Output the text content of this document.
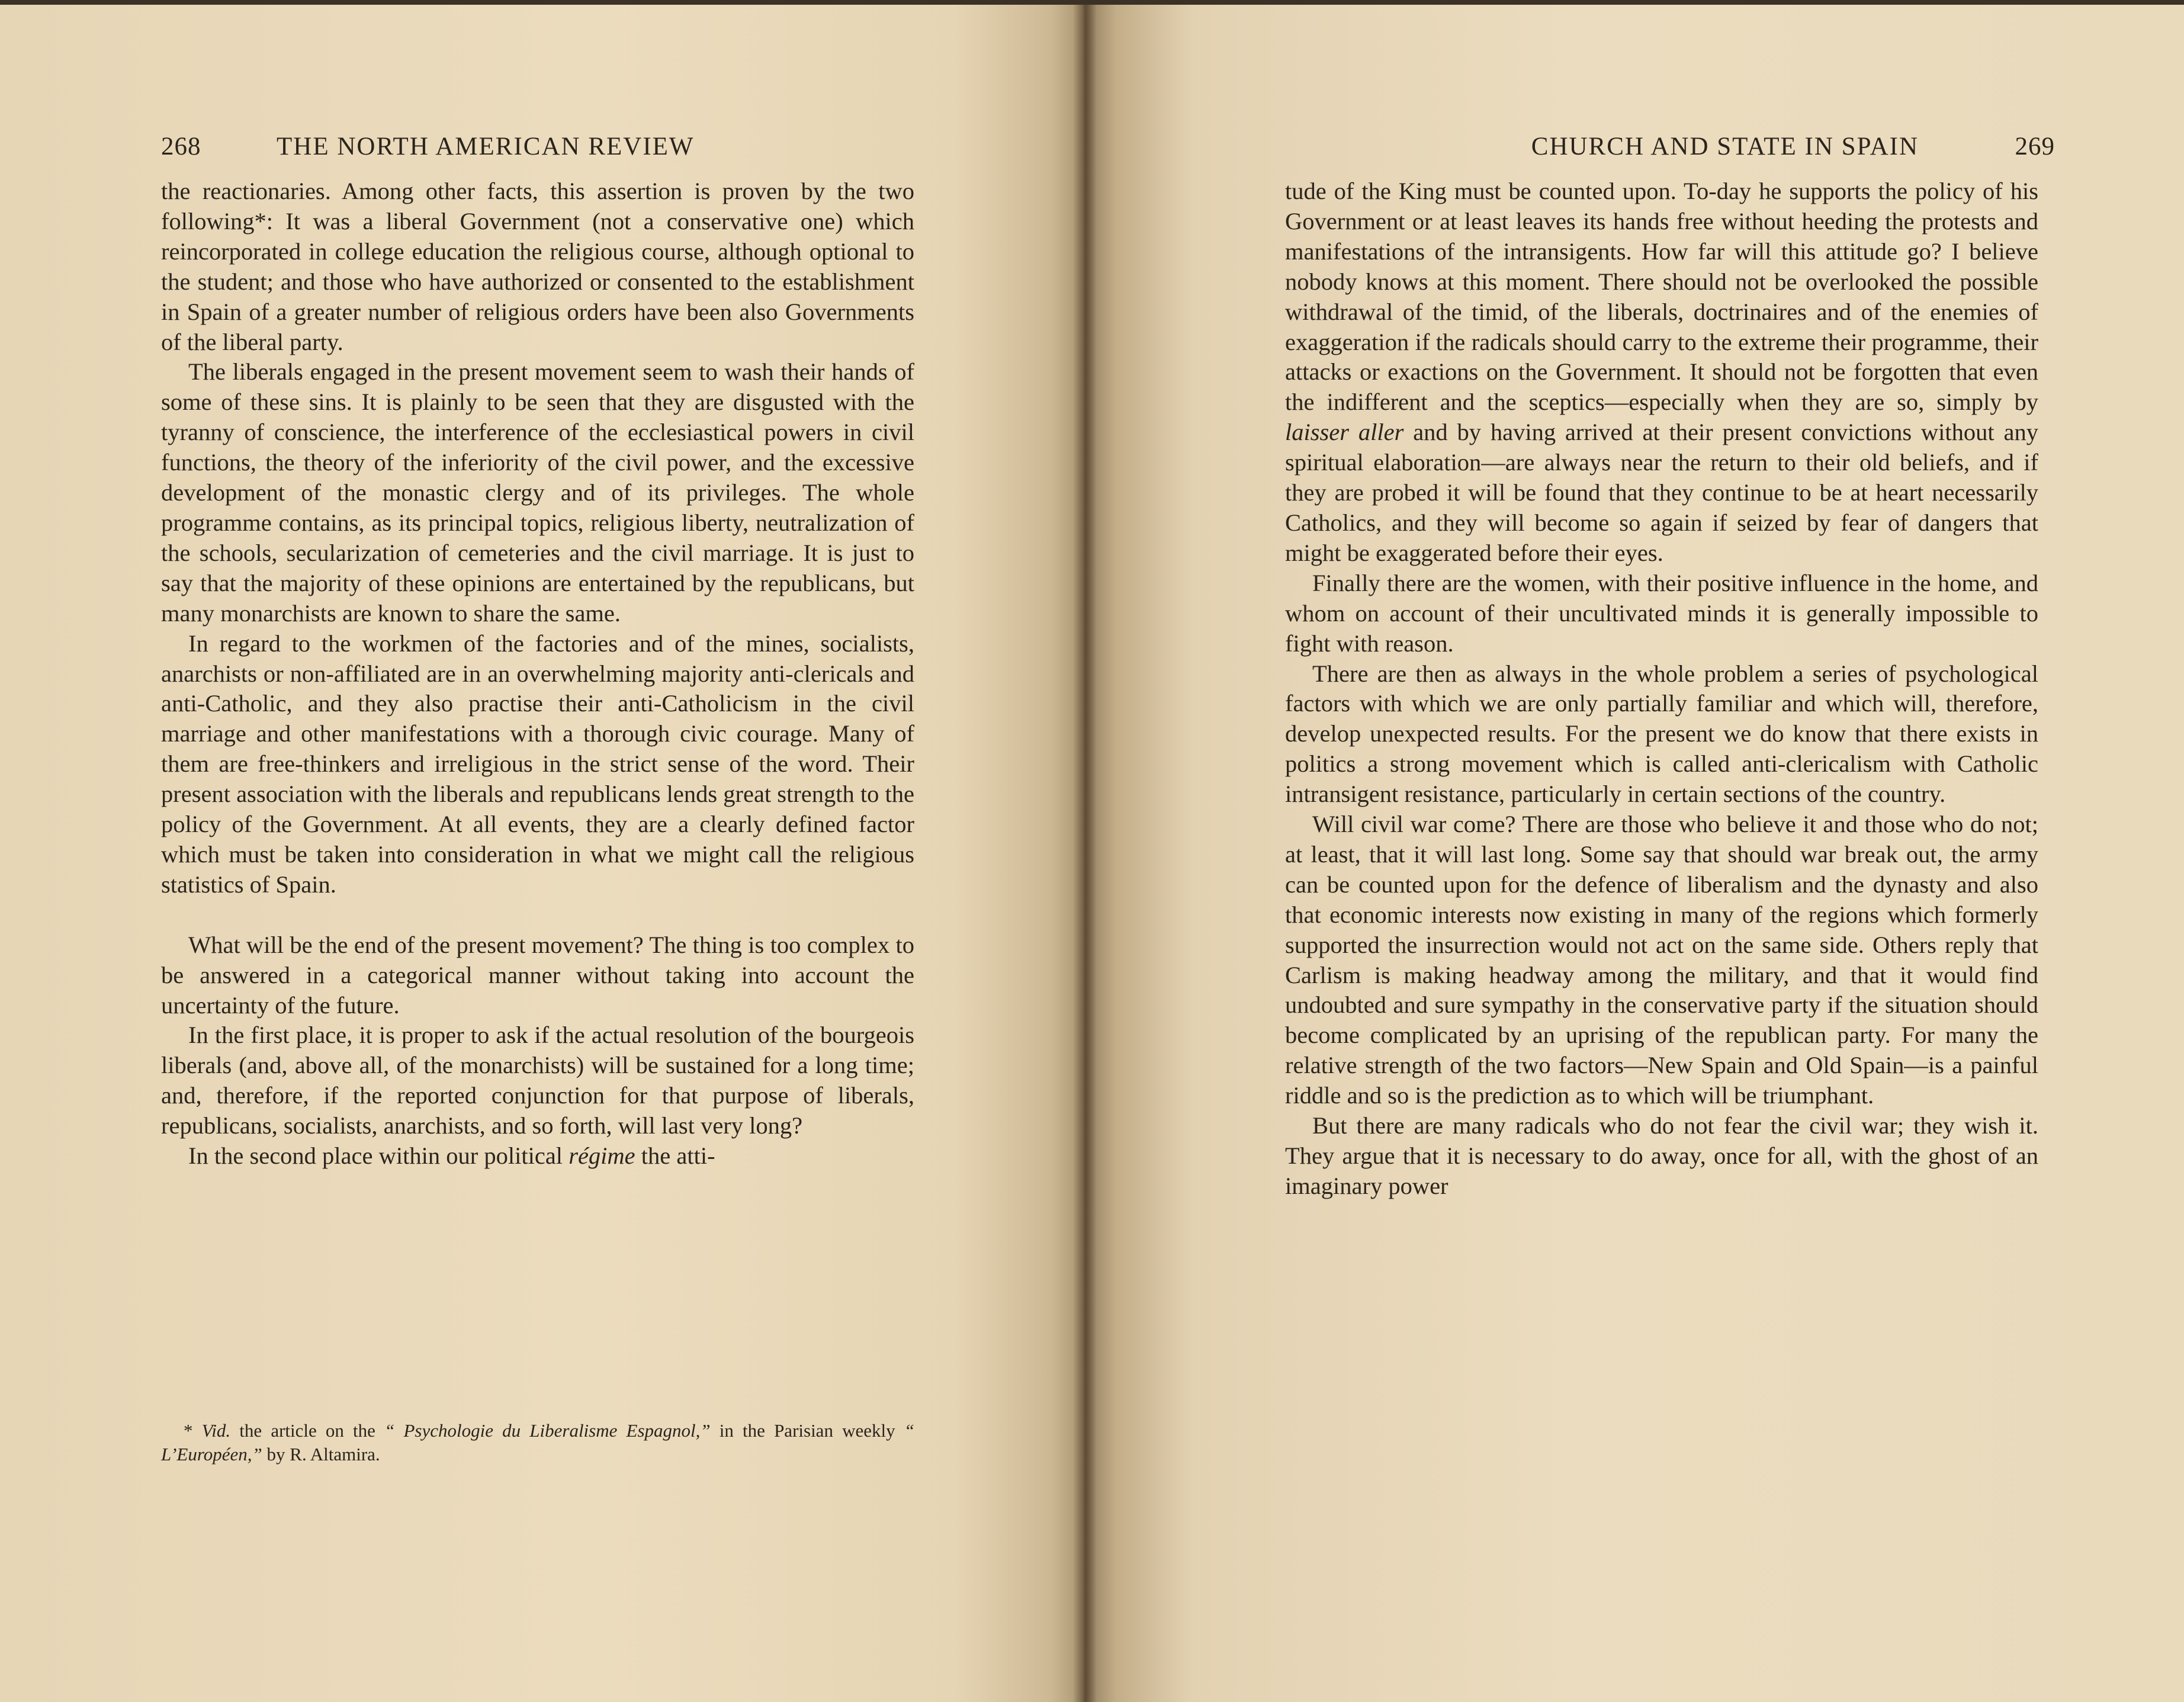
268	THE NORTH AMERICAN REVIEW

the reactionaries. Among other facts, this assertion is proven by the two following*: It was a liberal Government (not a conservative one) which reincorporated in college education the religious course, although optional to the student; and those who have authorized or consented to the establishment in Spain of a greater number of religious orders have been also Governments of the liberal party.

The liberals engaged in the present movement seem to wash their hands of some of these sins. It is plainly to be seen that they are disgusted with the tyranny of conscience, the interference of the ecclesiastical powers in civil functions, the theory of the inferiority of the civil power, and the excessive development of the monastic clergy and of its privileges. The whole programme contains, as its principal topics, religious liberty, neutralization of the schools, secularization of cemeteries and the civil marriage. It is just to say that the majority of these opinions are entertained by the republicans, but many monarchists are known to share the same.

In regard to the workmen of the factories and of the mines, socialists, anarchists or non-affiliated are in an overwhelming majority anti-clericals and anti-Catholic, and they also practise their anti-Catholicism in the civil marriage and other manifestations with a thorough civic courage. Many of them are free-thinkers and irreligious in the strict sense of the word. Their present association with the liberals and republicans lends great strength to the policy of the Government. At all events, they are a clearly defined factor which must be taken into consideration in what we might call the religious statistics of Spain.

What will be the end of the present movement? The thing is too complex to be answered in a categorical manner without taking into account the uncertainty of the future.

In the first place, it is proper to ask if the actual resolution of the bourgeois liberals (and, above all, of the monarchists) will be sustained for a long time; and, therefore, if the reported conjunction for that purpose of liberals, republicans, socialists, anarchists, and so forth, will last very long?

In the second place within our political régime the atti-

* Vid. the article on the “ Psychologie du Liberalisme Espagnol,” in the Parisian weekly “ L’Européen,” by R. Altamira.

CHURCH AND STATE IN SPAIN	269

tude of the King must be counted upon. To-day he supports the policy of his Government or at least leaves its hands free without heeding the protests and manifestations of the intransigents. How far will this attitude go? I believe nobody knows at this moment. There should not be overlooked the possible withdrawal of the timid, of the liberals, doctrinaires and of the enemies of exaggeration if the radicals should carry to the extreme their programme, their attacks or exactions on the Government. It should not be forgotten that even the indifferent and the sceptics—especially when they are so, simply by laisser aller and by having arrived at their present convictions without any spiritual elaboration—are always near the return to their old beliefs, and if they are probed it will be found that they continue to be at heart necessarily Catholics, and they will become so again if seized by fear of dangers that might be exaggerated before their eyes.

Finally there are the women, with their positive influence in the home, and whom on account of their uncultivated minds it is generally impossible to fight with reason.

There are then as always in the whole problem a series of psychological factors with which we are only partially familiar and which will, therefore, develop unexpected results. For the present we do know that there exists in politics a strong movement which is called anti-clericalism with Catholic intransigent resistance, particularly in certain sections of the country.

Will civil war come? There are those who believe it and those who do not; at least, that it will last long. Some say that should war break out, the army can be counted upon for the defence of liberalism and the dynasty and also that economic interests now existing in many of the regions which formerly supported the insurrection would not act on the same side. Others reply that Carlism is making headway among the military, and that it would find undoubted and sure sympathy in the conservative party if the situation should become complicated by an uprising of the republican party. For many the relative strength of the two factors—New Spain and Old Spain—is a painful riddle and so is the prediction as to which will be triumphant.

But there are many radicals who do not fear the civil war; they wish it. They argue that it is necessary to do away, once for all, with the ghost of an imaginary power
